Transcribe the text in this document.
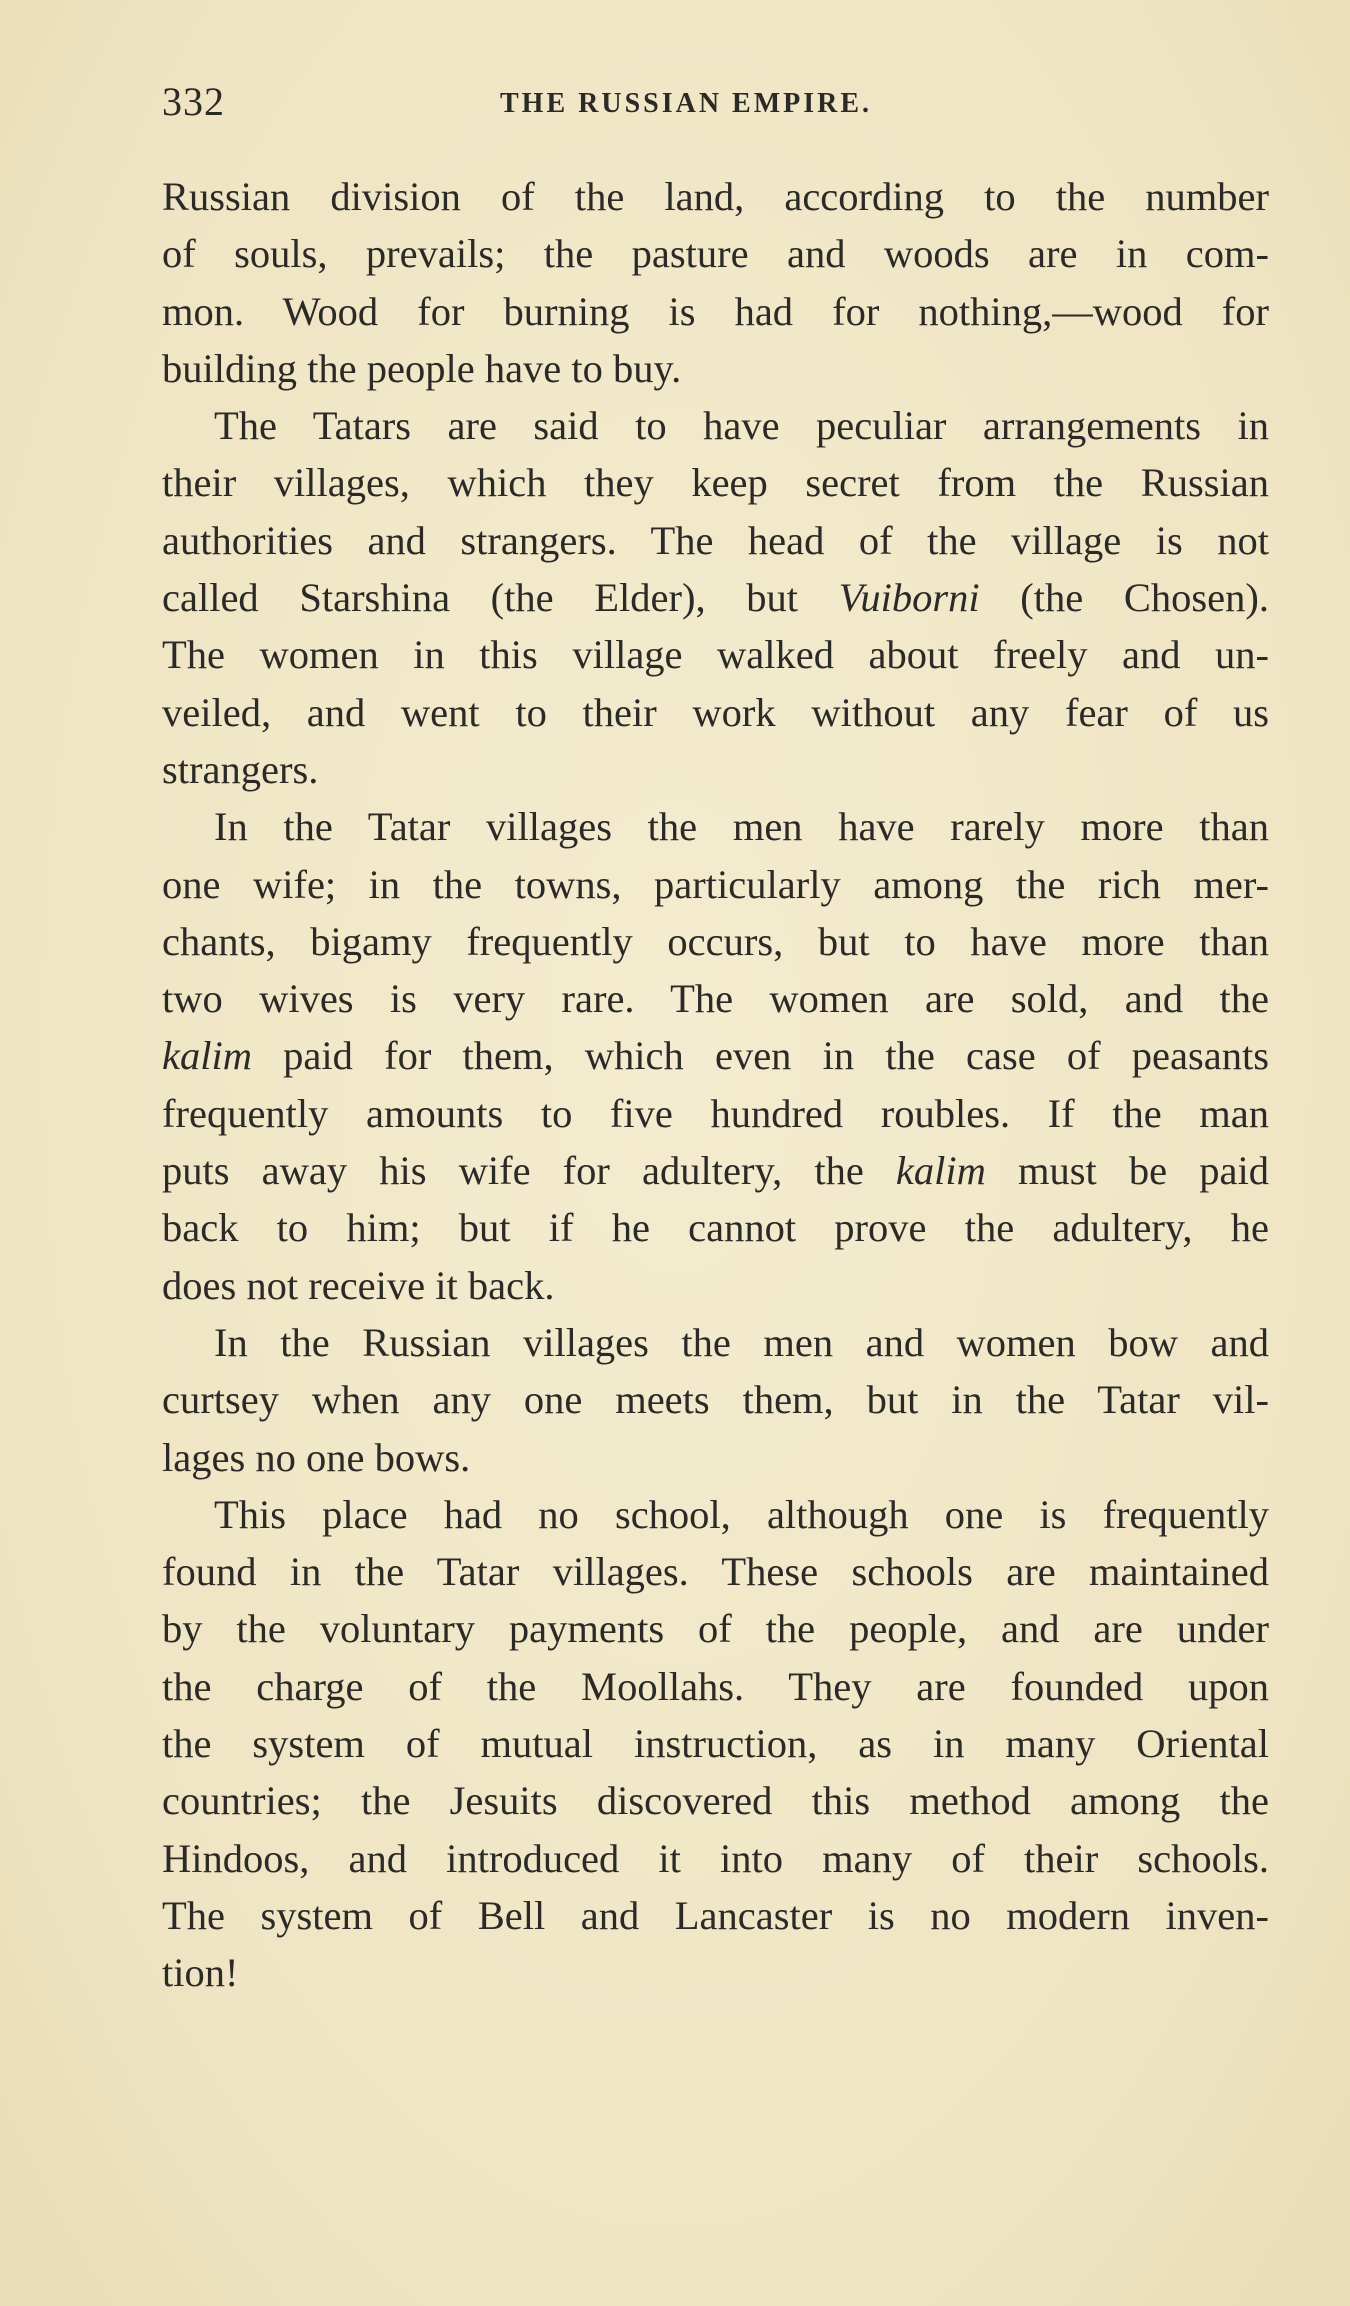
332	THE RUSSIAN EMPIRE.
Russian division of the land, according to the number
of souls, prevails; the pasture and woods are in com-
mon. Wood for burning is had for nothing,—wood for
building the people have to buy.
The Tatars are said to have peculiar arrangements in
their villages, which they keep secret from the Russian
authorities and strangers. The head of the village is not
called Starshina (the Elder), but Vuiborni (the Chosen).
The women in this village walked about freely and un-
veiled, and went to their work without any fear of us
strangers.
In the Tatar villages the men have rarely more than
one wife; in the towns, particularly among the rich mer-
chants, bigamy frequently occurs, but to have more than
two wives is very rare. The women are sold, and the
kalim paid for them, which even in the case of peasants
frequently amounts to five hundred roubles. If the man
puts away his wife for adultery, the kalim must be paid
back to him; but if he cannot prove the adultery, he
does not receive it back.
In the Russian villages the men and women bow and
curtsey when any one meets them, but in the Tatar vil-
lages no one bows.
This place had no school, although one is frequently
found in the Tatar villages. These schools are maintained
by the voluntary payments of the people, and are under
the charge of the Moollahs. They are founded upon
the system of mutual instruction, as in many Oriental
countries; the Jesuits discovered this method among the
Hindoos, and introduced it into many of their schools.
The system of Bell and Lancaster is no modern inven-
tion!
